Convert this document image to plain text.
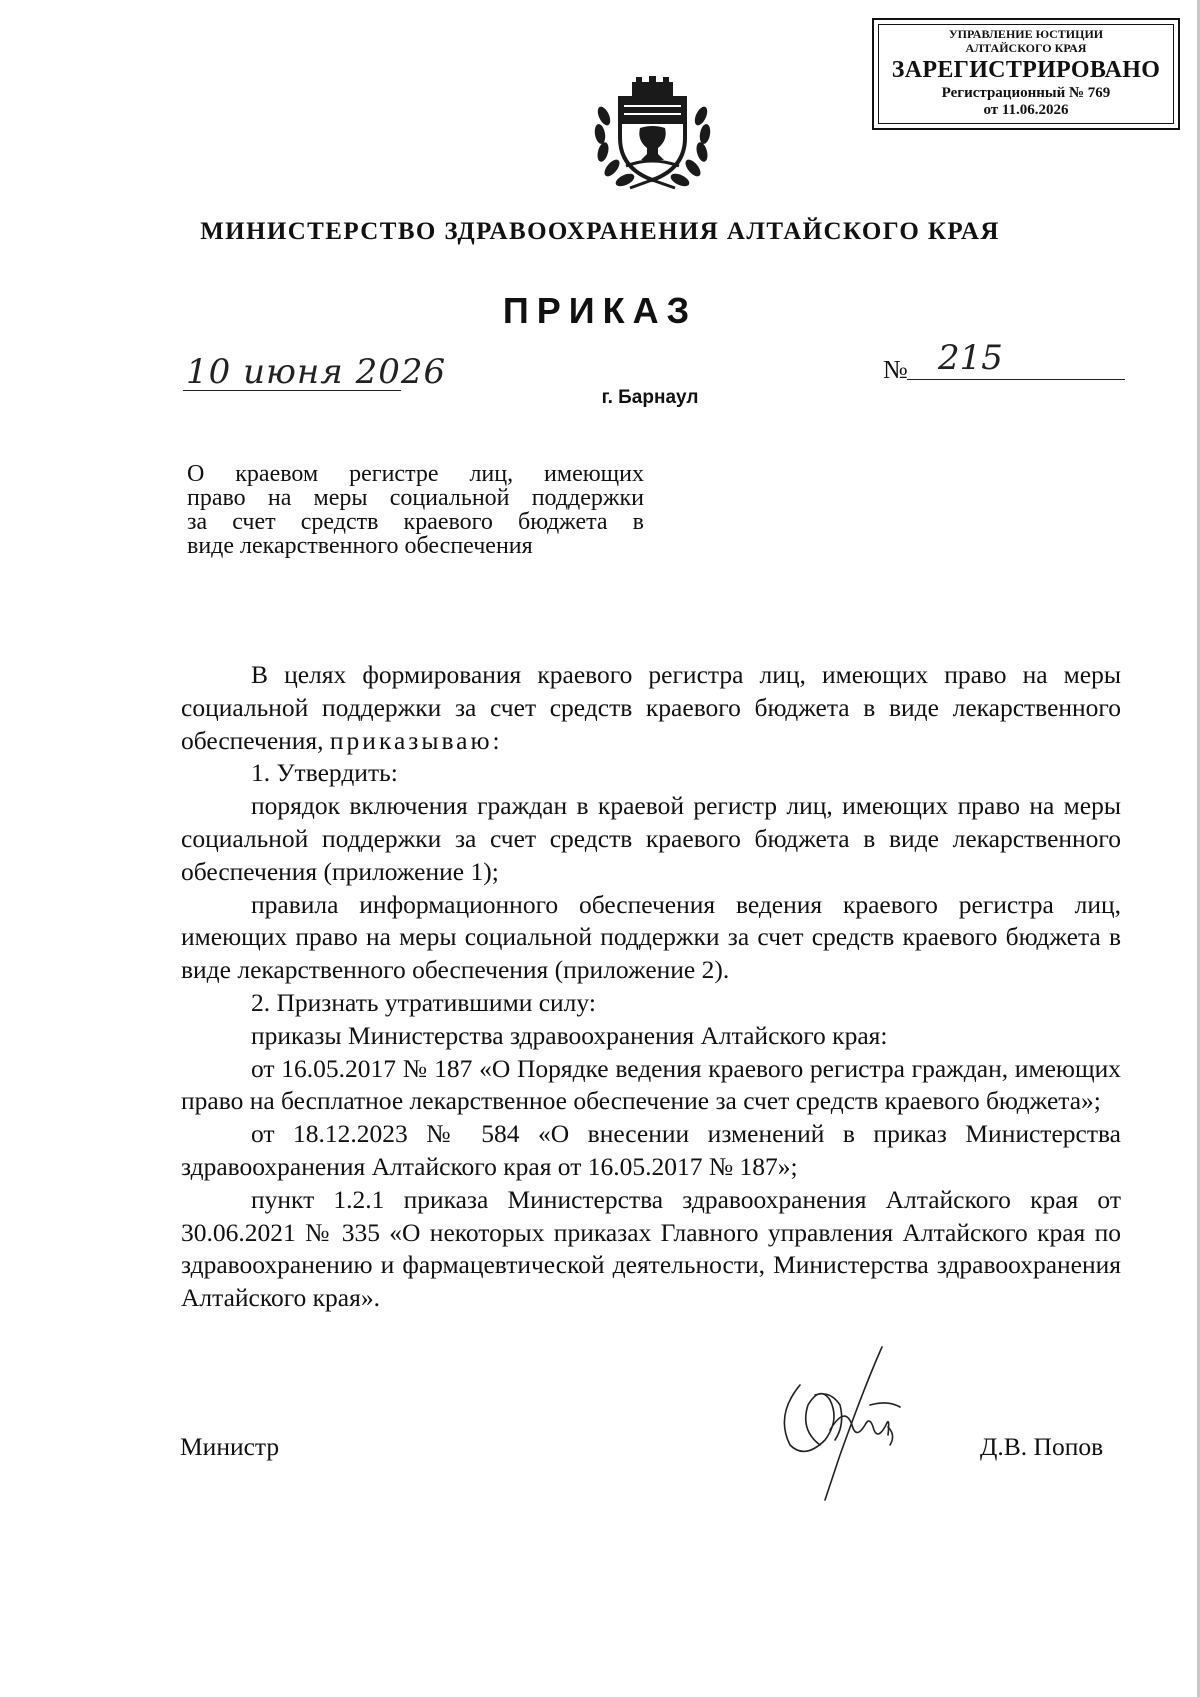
УПРАВЛЕНИЕ ЮСТИЦИИ
АЛТАЙСКОГО КРАЯ
ЗАРЕГИСТРИРОВАНО
Регистрационный № 769
от 11.06.2026
МИНИСТЕРСТВО ЗДРАВООХРАНЕНИЯ АЛТАЙСКОГО КРАЯ
ПРИКАЗ
10 июня 2026	№ 215
г. Барнаул
О краевом регистре лиц, имеющих
право на меры социальной поддержки
за счет средств краевого бюджета в
виде лекарственного обеспечения

В целях формирования краевого регистра лиц, имеющих право на меры социальной поддержки за счет средств краевого бюджета в виде лекарственного обеспечения, приказываю:

1. Утвердить:

порядок включения граждан в краевой регистр лиц, имеющих право на меры социальной поддержки за счет средств краевого бюджета в виде лекарственного обеспечения (приложение 1);

правила информационного обеспечения ведения краевого регистра лиц, имеющих право на меры социальной поддержки за счет средств краевого бюджета в виде лекарственного обеспечения (приложение 2).

2. Признать утратившими силу:

приказы Министерства здравоохранения Алтайского края:

от 16.05.2017 № 187 «О Порядке ведения краевого регистра граждан, имеющих право на бесплатное лекарственное обеспечение за счет средств краевого бюджета»;

от 18.12.2023 № 584 «О внесении изменений в приказ Министерства здравоохранения Алтайского края от 16.05.2017 № 187»;

пункт 1.2.1 приказа Министерства здравоохранения Алтайского края от 30.06.2021 № 335 «О некоторых приказах Главного управления Алтайского края по здравоохранению и фармацевтической деятельности, Министерства здравоохранения Алтайского края».

Министр	Д.В. Попов
